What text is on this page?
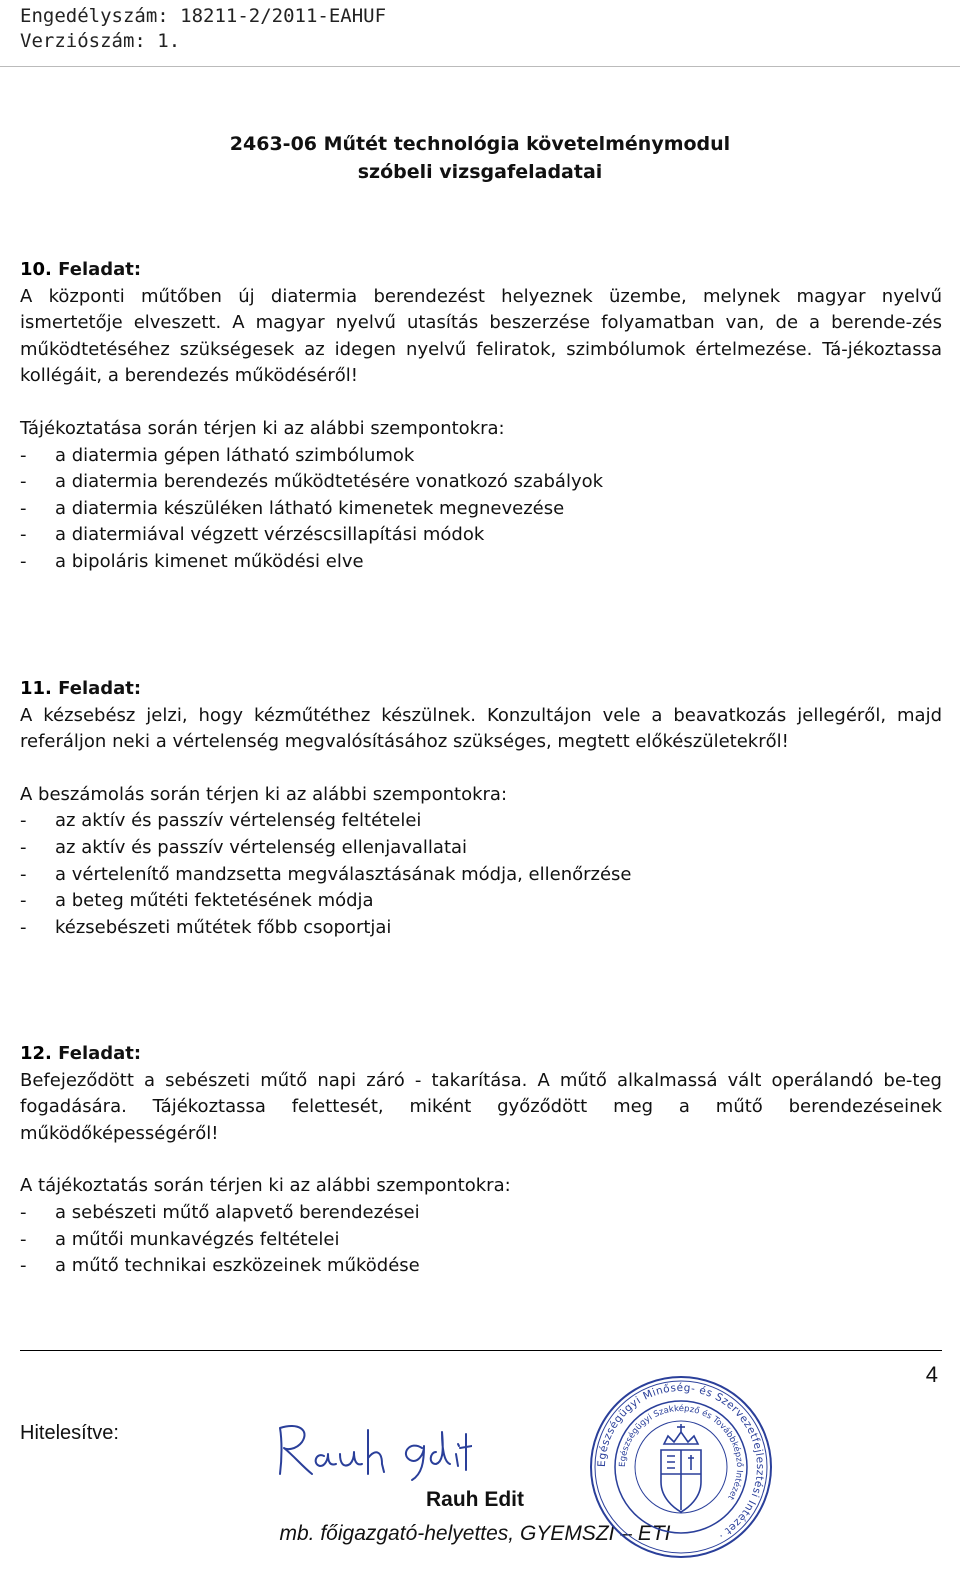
Engedélyszám: 18211-2/2011-EAHUF
Verziószám: 1.
2463-06 Műtét technológia követelménymodul
szóbeli vizsgafeladatai
10. Feladat:

A központi műtőben új diatermia berendezést helyeznek üzembe, melynek magyar nyelvű ismertetője elveszett. A magyar nyelvű utasítás beszerzése folyamatban van, de a berende-zés működtetéséhez szükségesek az idegen nyelvű feliratok, szimbólumok értelmezése. Tá-jékoztassa kollégáit, a berendezés működéséről!

Tájékoztatása során térjen ki az alábbi szempontokra:
-	a diatermia gépen látható szimbólumok
-	a diatermia berendezés működtetésére vonatkozó szabályok
-	a diatermia készüléken látható kimenetek megnevezése
-	a diatermiával végzett vérzéscsillapítási módok
-	a bipoláris kimenet működési elve
11. Feladat:

A kézsebész jelzi, hogy kézműtéthez készülnek. Konzultájon vele a beavatkozás jellegéről, majd referáljon neki a vértelenség megvalósításához szükséges, megtett előkészületekről!

A beszámolás során térjen ki az alábbi szempontokra:
-	az aktív és passzív vértelenség feltételei
-	az aktív és passzív vértelenség ellenjavallatai
-	a vértelenítő mandzsetta megválasztásának módja, ellenőrzése
-	a beteg műtéti fektetésének módja
-	kézsebészeti műtétek főbb csoportjai
12. Feladat:

Befejeződött a sebészeti műtő napi záró - takarítása. A műtő alkalmassá vált operálandó be-teg fogadására. Tájékoztassa felettesét, miként győződött meg a műtő berendezéseinek működőképességéről!

A tájékoztatás során térjen ki az alábbi szempontokra:
-	a sebészeti műtő alapvető berendezései
-	a műtői munkavégzés feltételei
-	a műtő technikai eszközeinek működése
4
Hitelesítve:
Rauh Edit
mb. főigazgató-helyettes, GYEMSZI – ETI
Egészségügyi Minőség- és Szervezetfejlesztési Intézet ·
Egészségügyi Szakképző és Továbbképző Intézet
